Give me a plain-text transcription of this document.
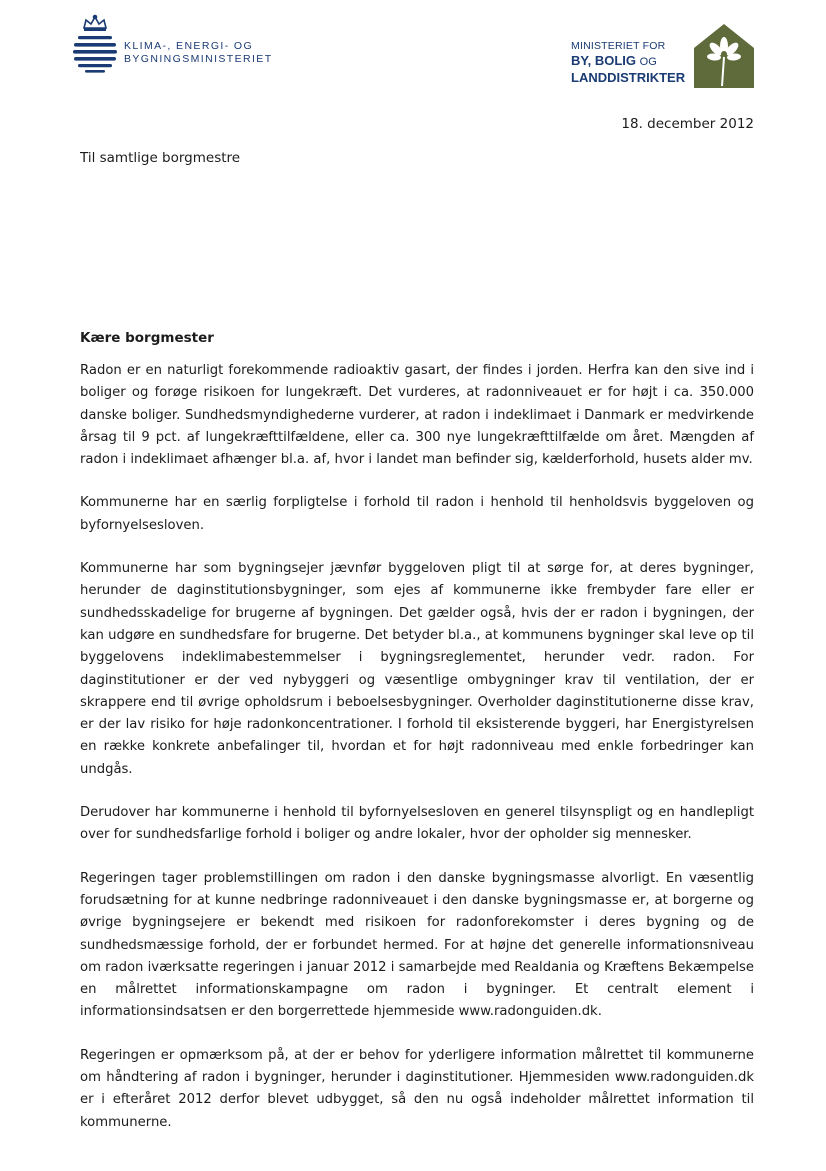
KLIMA-, ENERGI- OG
BYGNINGSMINISTERIET
MINISTERIET FOR
BY, BOLIG OG
LANDDISTRIKTER
18. december 2012
Til samtlige borgmestre
Kære borgmester

Radon er en naturligt forekommende radioaktiv gasart, der findes i jorden. Herfra kan den sive ind i boliger og forøge risikoen for lungekræft. Det vurderes, at radonniveauet er for højt i ca. 350.000 danske boliger. Sundhedsmyndighederne vurderer, at radon i indeklimaet i Danmark er medvirkende årsag til 9 pct. af lungekræfttilfældene, eller ca. 300 nye lungekræfttilfælde om året. Mængden af radon i indeklimaet afhænger bl.a. af, hvor i landet man befinder sig, kælderforhold, husets alder mv.

Kommunerne har en særlig forpligtelse i forhold til radon i henhold til henholdsvis byggeloven og byfornyelsesloven.

Kommunerne har som bygningsejer jævnfør byggeloven pligt til at sørge for, at deres bygninger, herunder de daginstitutionsbygninger, som ejes af kommunerne ikke frembyder fare eller er sundhedsskadelige for brugerne af bygningen. Det gælder også, hvis der er radon i bygningen, der kan udgøre en sundhedsfare for brugerne. Det betyder bl.a., at kommunens bygninger skal leve op til byggelovens indeklimabestemmelser i bygningsreglementet, herunder vedr. radon. For daginstitutioner er der ved nybyggeri og væsentlige ombygninger krav til ventilation, der er skrappere end til øvrige opholdsrum i beboelsesbygninger. Overholder daginstitutionerne disse krav, er der lav risiko for høje radonkoncentrationer. I forhold til eksisterende byggeri, har Energistyrelsen en række konkrete anbefalinger til, hvordan et for højt radonniveau med enkle forbedringer kan undgås.

Derudover har kommunerne i henhold til byfornyelsesloven en generel tilsynspligt og en handlepligt over for sundhedsfarlige forhold i boliger og andre lokaler, hvor der opholder sig mennesker.

Regeringen tager problemstillingen om radon i den danske bygningsmasse alvorligt. En væsentlig forudsætning for at kunne nedbringe radonniveauet i den danske bygningsmasse er, at borgerne og øvrige bygningsejere er bekendt med risikoen for radonforekomster i deres bygning og de sundhedsmæssige forhold, der er forbundet hermed. For at højne det generelle informationsniveau om radon iværksatte regeringen i januar 2012 i samarbejde med Realdania og Kræftens Bekæmpelse en målrettet informationskampagne om radon i bygninger. Et centralt element i informationsindsatsen er den borgerrettede hjemmeside www.radonguiden.dk.

Regeringen er opmærksom på, at der er behov for yderligere information målrettet til kommunerne om håndtering af radon i bygninger, herunder i daginstitutioner. Hjemmesiden www.radonguiden.dk er i efteråret 2012 derfor blevet udbygget, så den nu også indeholder målrettet information til kommunerne.
